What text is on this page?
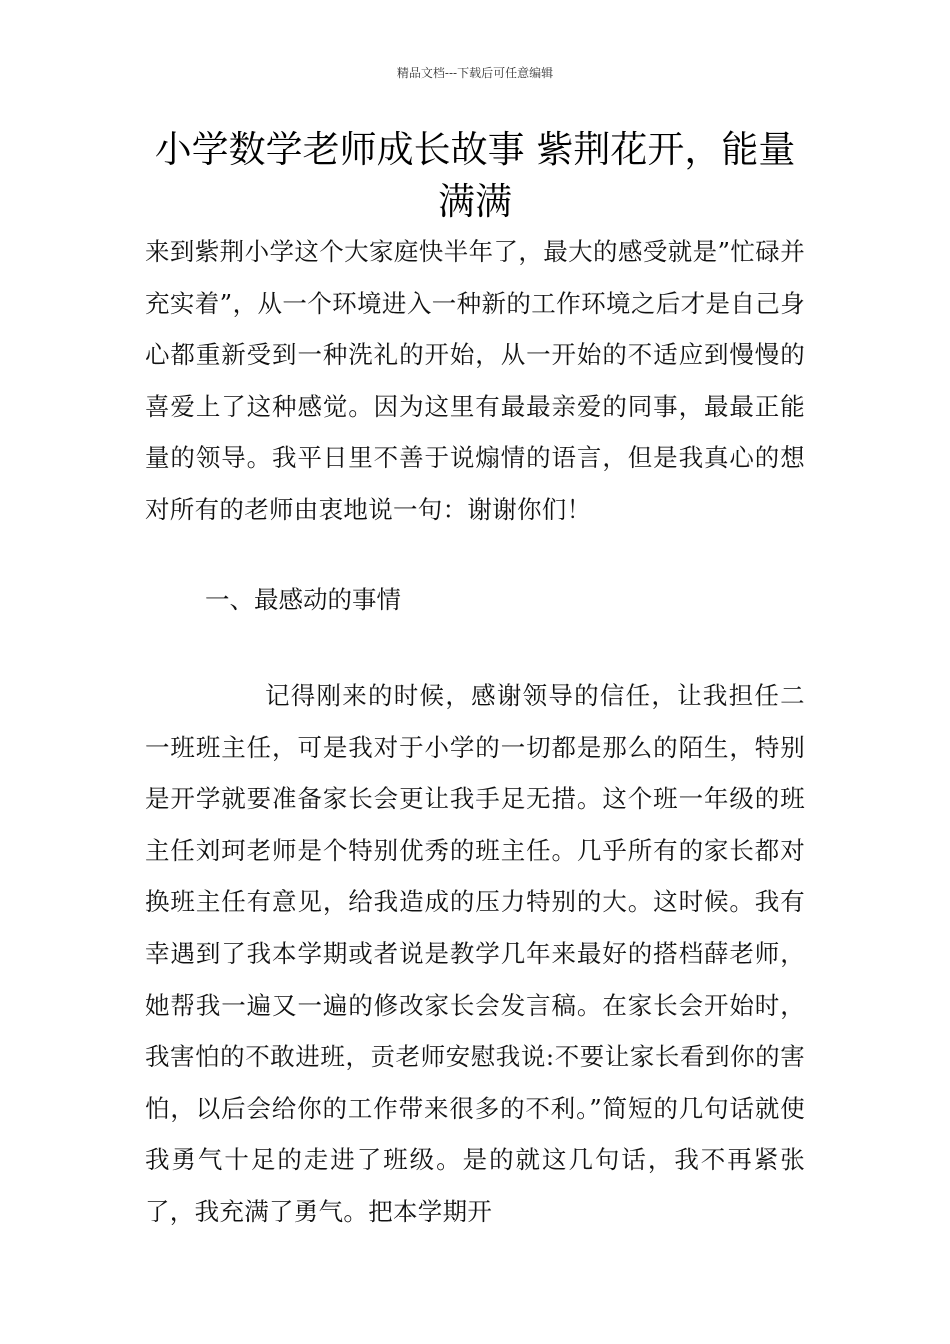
精品文档---下载后可任意编辑
小学数学老师成长故事 紫荆花开，能量满满

来到紫荆小学这个大家庭快半年了，最大的感受就是”忙碌并充实着”，从一个环境进入一种新的工作环境之后才是自己身心都重新受到一种洗礼的开始，从一开始的不适应到慢慢的喜爱上了这种感觉。因为这里有最最亲爱的同事，最最正能量的领导。我平日里不善于说煽情的语言，但是我真心的想对所有的老师由衷地说一句：谢谢你们！

一、最感动的事情

记得刚来的时候，感谢领导的信任，让我担任二一班班主任，可是我对于小学的一切都是那么的陌生，特别是开学就要准备家长会更让我手足无措。这个班一年级的班主任刘珂老师是个特别优秀的班主任。几乎所有的家长都对换班主任有意见，给我造成的压力特别的大。这时候。我有幸遇到了我本学期或者说是教学几年来最好的搭档薛老师，她帮我一遍又一遍的修改家长会发言稿。在家长会开始时，我害怕的不敢进班，贡老师安慰我说:不要让家长看到你的害怕，以后会给你的工作带来很多的不利。”简短的几句话就使我勇气十足的走进了班级。是的就这几句话，我不再紧张了，我充满了勇气。把本学期开
